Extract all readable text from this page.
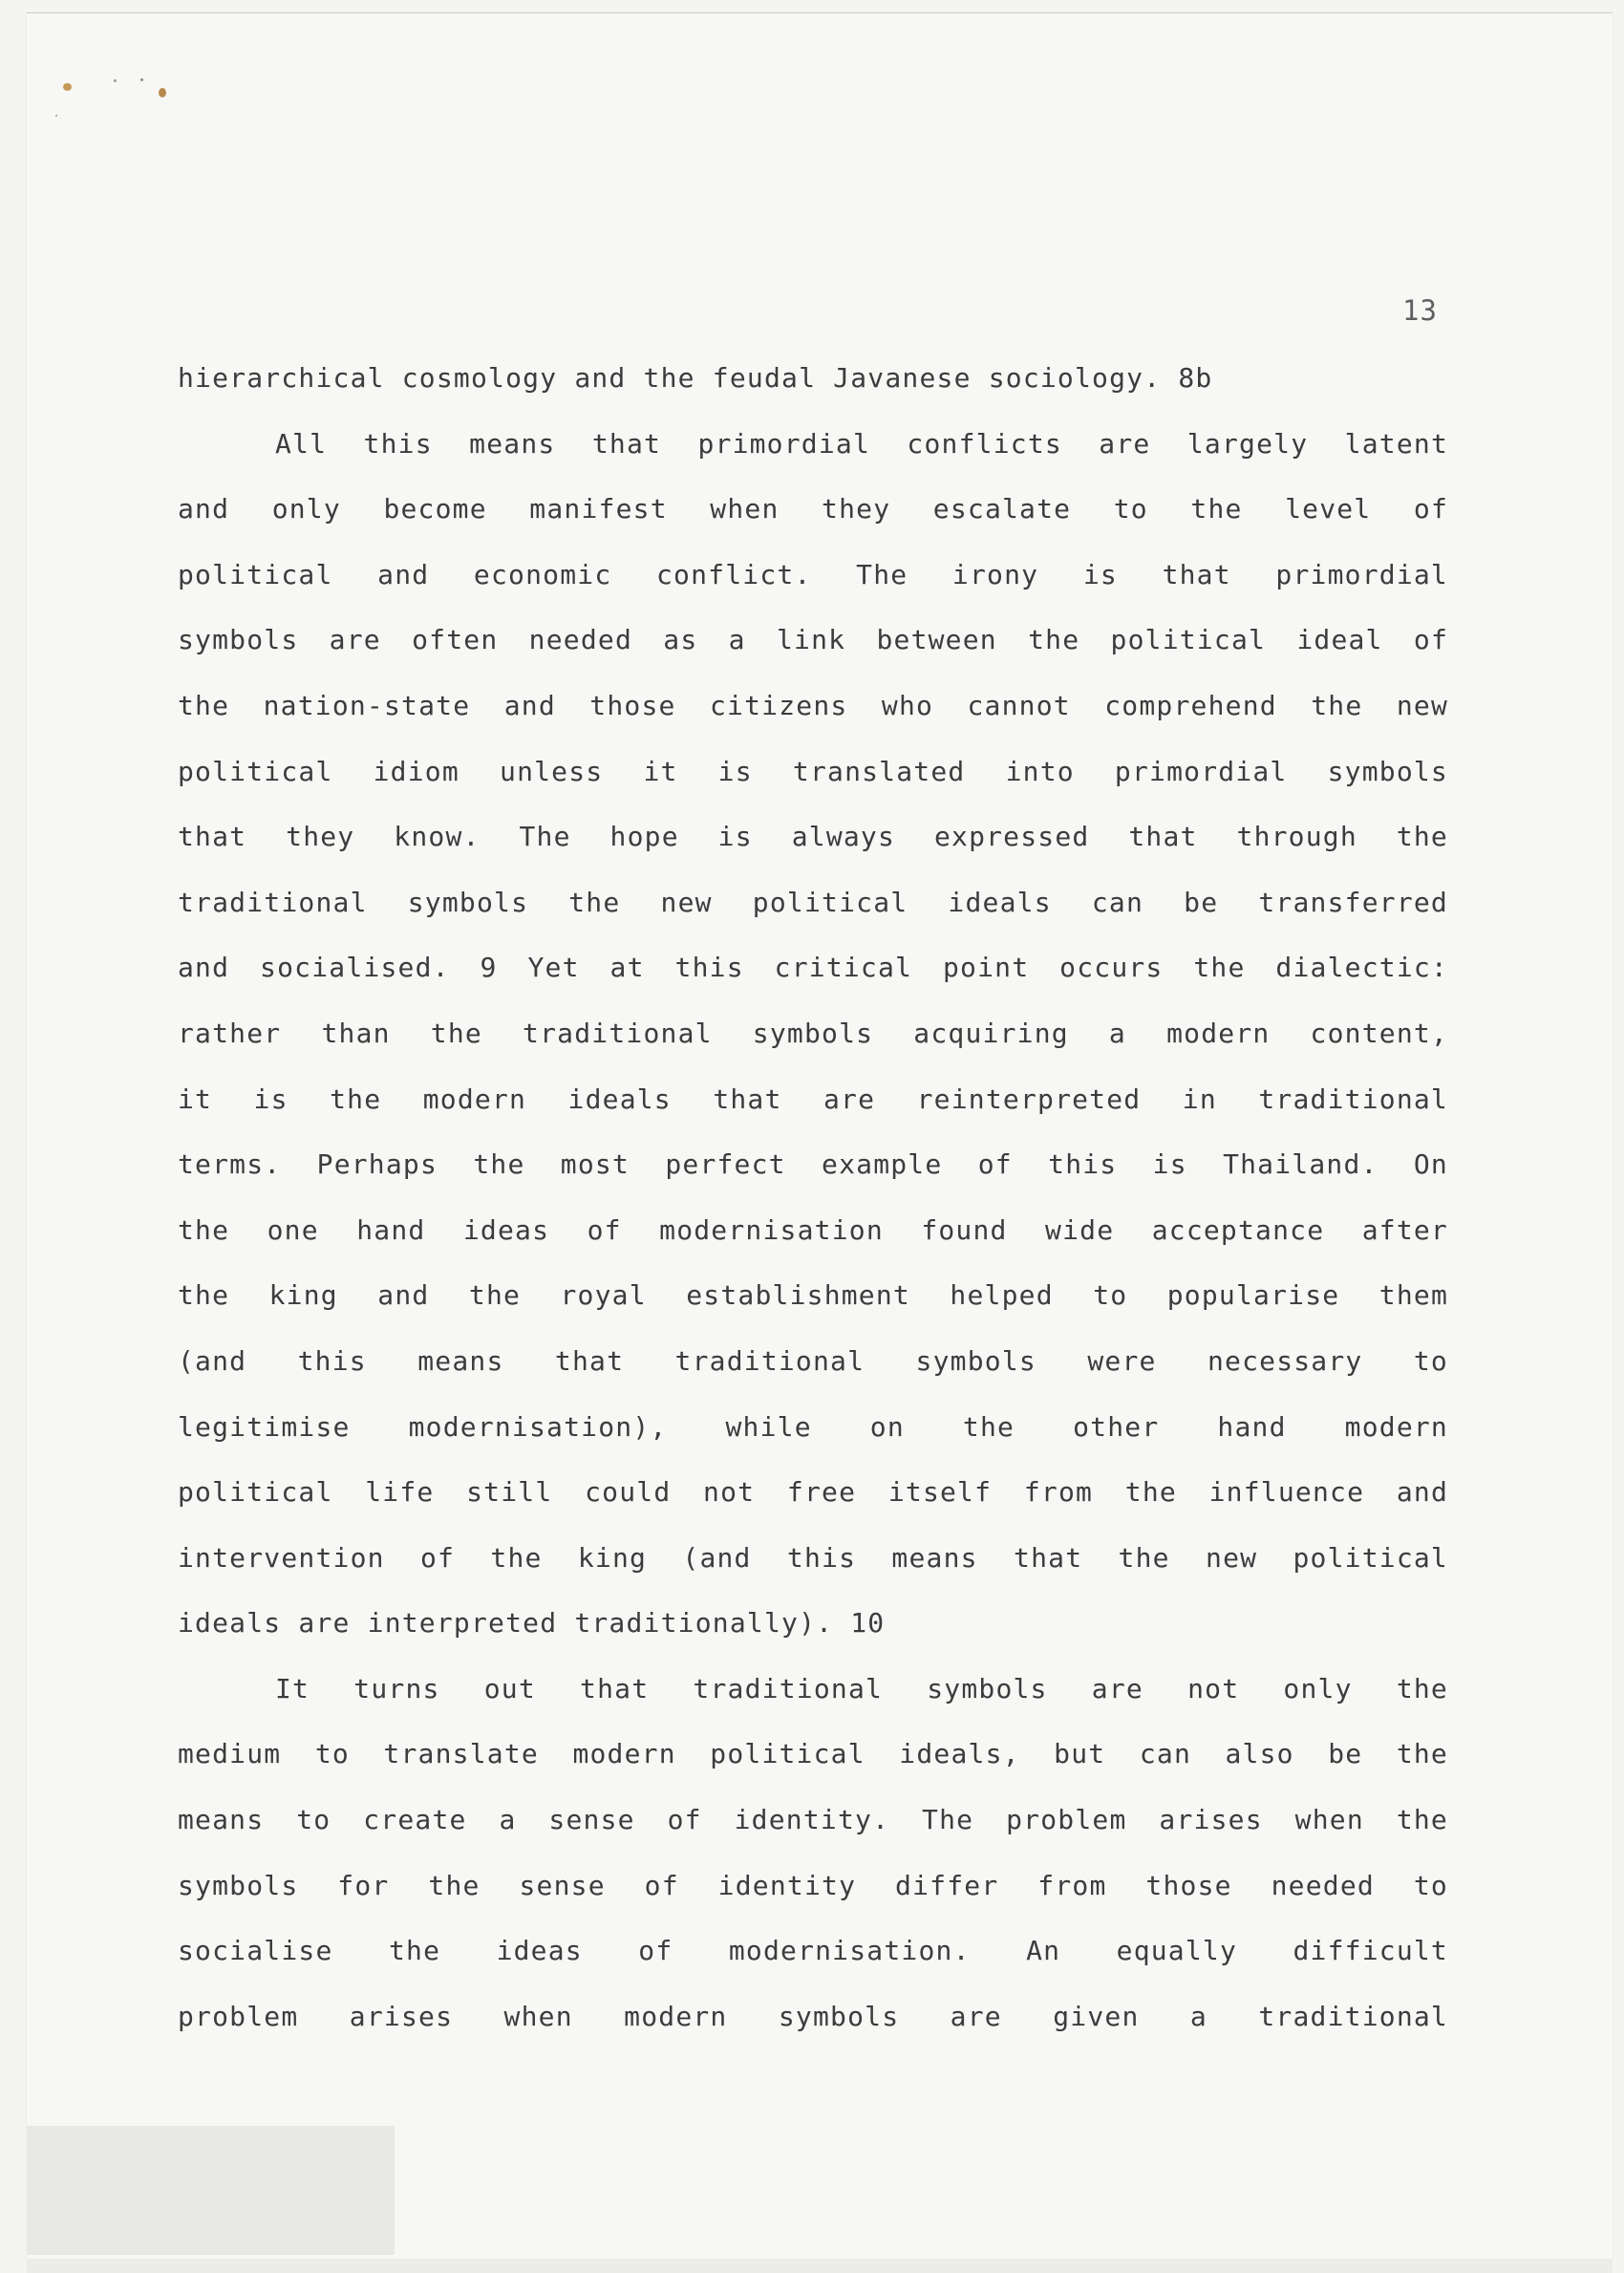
13
hierarchical cosmology and the feudal Javanese sociology. 8b
All this means that primordial conflicts are largely latent
and only become manifest when they escalate to the level of
political and economic conflict. The irony is that primordial
symbols are often needed as a link between the political ideal of
the nation-state and those citizens who cannot comprehend the new
political idiom unless it is translated into primordial symbols
that they know. The hope is always expressed that through the
traditional symbols the new political ideals can be transferred
and socialised. 9 Yet at this critical point occurs the dialectic:
rather than the traditional symbols acquiring a modern content,
it is the modern ideals that are reinterpreted in traditional
terms. Perhaps the most perfect example of this is Thailand. On
the one hand ideas of modernisation found wide acceptance after
the king and the royal establishment helped to popularise them
(and this means that traditional symbols were necessary to
legitimise modernisation), while on the other hand modern
political life still could not free itself from the influence and
intervention of the king (and this means that the new political
ideals are interpreted traditionally). 10
It turns out that traditional symbols are not only the
medium to translate modern political ideals, but can also be the
means to create a sense of identity. The problem arises when the
symbols for the sense of identity differ from those needed to
socialise the ideas of modernisation. An equally difficult
problem arises when modern symbols are given a traditional
